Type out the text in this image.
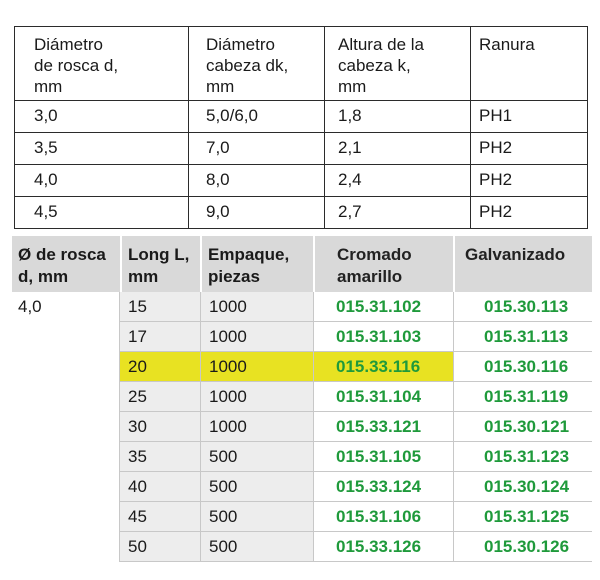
Diámetro
de rosca d,
mm	Diámetro
cabeza dk,
mm	Altura de la
cabeza k,
mm	Ranura
3,0	5,0/6,0	1,8	PH1
3,5	7,0	2,1	PH2
4,0	8,0	2,4	PH2
4,5	9,0	2,7	PH2
Ø de rosca
d, mm	Long L,
mm	Empaque,
piezas	Cromado
amarillo	Galvanizado
4,0	15	1000	015.31.102	015.30.113
	17	1000	015.31.103	015.31.113
	20	1000	015.33.116	015.30.116
	25	1000	015.31.104	015.31.119
	30	1000	015.33.121	015.30.121
	35	500	015.31.105	015.31.123
	40	500	015.33.124	015.30.124
	45	500	015.31.106	015.31.125
	50	500	015.33.126	015.30.126
